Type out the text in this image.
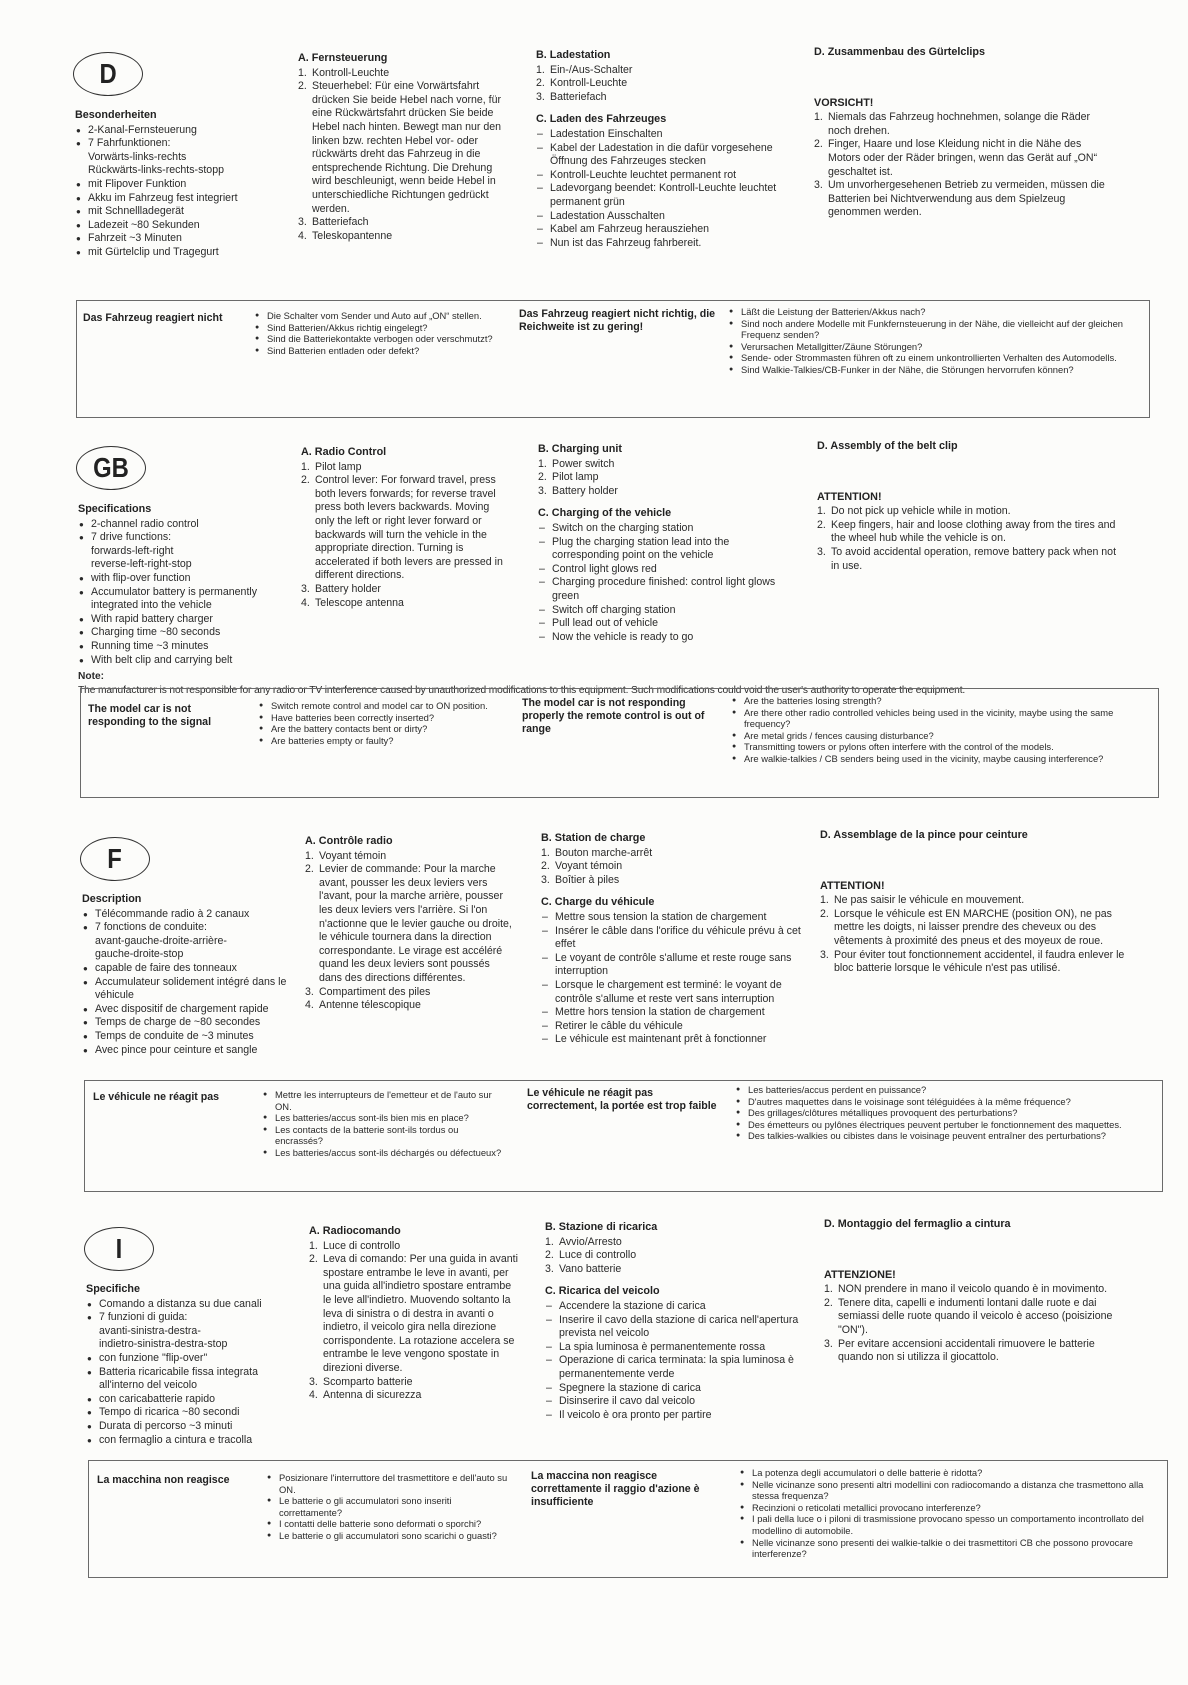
D
Besonderheiten
● 2-Kanal-Fernsteuerung
● 7 Fahrfunktionen:
Vorwärts-links-rechts
Rückwärts-links-rechts-stopp
● mit Flipover Funktion
● Akku im Fahrzeug fest integriert
● mit Schnellladegerät
● Ladezeit ~80 Sekunden
● Fahrzeit ~3 Minuten
● mit Gürtelclip und Tragegurt
A. Fernsteuerung
1. Kontroll-Leuchte
2. Steuerhebel: Für eine Vorwärtsfahrt drücken Sie beide Hebel nach vorne, für eine Rückwärtsfahrt drücken Sie beide Hebel nach hinten. Bewegt man nur den linken bzw. rechten Hebel vor- oder rückwärts dreht das Fahrzeug in die entsprechende Richtung. Die Drehung wird beschleunigt, wenn beide Hebel in unterschiedliche Richtungen gedrückt werden.
3. Batteriefach
4. Teleskopantenne
B. Ladestation
1. Ein-/Aus-Schalter
2. Kontroll-Leuchte
3. Batteriefach
C. Laden des Fahrzeuges
– Ladestation Einschalten
– Kabel der Ladestation in die dafür vorgesehene Öffnung des Fahrzeuges stecken
– Kontroll-Leuchte leuchtet permanent rot
– Ladevorgang beendet: Kontroll-Leuchte leuchtet permanent grün
– Ladestation Ausschalten
– Kabel am Fahrzeug herausziehen
– Nun ist das Fahrzeug fahrbereit.
D. Zusammenbau des Gürtelclips
VORSICHT!
1. Niemals das Fahrzeug hochnehmen, solange die Räder noch drehen.
2. Finger, Haare und lose Kleidung nicht in die Nähe des Motors oder der Räder bringen, wenn das Gerät auf „ON“ geschaltet ist.
3. Um unvorhergesehenen Betrieb zu vermeiden, müssen die Batterien bei Nichtverwendung aus dem Spielzeug genommen werden.
Das Fahrzeug reagiert nicht	● Die Schalter vom Sender und Auto auf „ON“ stellen.
● Sind Batterien/Akkus richtig eingelegt?
● Sind die Batteriekontakte verbogen oder verschmutzt?
● Sind Batterien entladen oder defekt?
Das Fahrzeug reagiert nicht richtig, die Reichweite ist zu gering!
● Läßt die Leistung der Batterien/Akkus nach?
● Sind noch andere Modelle mit Funkfernsteuerung in der Nähe, die vielleicht auf der gleichen Frequenz senden?
● Verursachen Metallgitter/Zäune Störungen?
● Sende- oder Strommasten führen oft zu einem unkontrollierten Verhalten des Automodells.
● Sind Walkie-Talkies/CB-Funker in der Nähe, die Störungen hervorrufen können?
GB
Specifications
● 2-channel radio control
● 7 drive functions:
forwards-left-right
reverse-left-right-stop
● with flip-over function
● Accumulator battery is permanently integrated into the vehicle
● With rapid battery charger
● Charging time ~80 seconds
● Running time ~3 minutes
● With belt clip and carrying belt
A. Radio Control
1. Pilot lamp
2. Control lever: For forward travel, press both levers forwards; for reverse travel press both levers backwards. Moving only the left or right lever forward or backwards will turn the vehicle in the appropriate direction. Turning is accelerated if both levers are pressed in different directions.
3. Battery holder
4. Telescope antenna
B. Charging unit
1. Power switch
2. Pilot lamp
3. Battery holder
C. Charging of the vehicle
– Switch on the charging station
– Plug the charging station lead into the corresponding point on the vehicle
– Control light glows red
– Charging procedure finished: control light glows green
– Switch off charging station
– Pull lead out of vehicle
– Now the vehicle is ready to go
D. Assembly of the belt clip
ATTENTION!
1. Do not pick up vehicle while in motion.
2. Keep fingers, hair and loose clothing away from the tires and the wheel hub while the vehicle is on.
3. To avoid accidental operation, remove battery pack when not in use.
Note:
The manufacturer is not responsible for any radio or TV interference caused by unauthorized modifications to this equipment. Such modifications could void the user's authority to operate the equipment.
The model car is not responding to the signal
● Switch remote control and model car to ON position.
● Have batteries been correctly inserted?
● Are the battery contacts bent or dirty?
● Are batteries empty or faulty?
The model car is not responding properly the remote control is out of range
● Are the batteries losing strength?
● Are there other radio controlled vehicles being used in the vicinity, maybe using the same frequency?
● Are metal grids / fences causing disturbance?
● Transmitting towers or pylons often interfere with the control of the models.
● Are walkie-talkies / CB senders being used in the vicinity, maybe causing interference?
F
Description
● Télécommande radio à 2 canaux
● 7 fonctions de conduite:
avant-gauche-droite-arrière-
gauche-droite-stop
● capable de faire des tonneaux
● Accumulateur solidement intégré dans le véhicule
● Avec dispositif de chargement rapide
● Temps de charge de ~80 secondes
● Temps de conduite de ~3 minutes
● Avec pince pour ceinture et sangle
A. Contrôle radio
1. Voyant témoin
2. Levier de commande: Pour la marche avant, pousser les deux leviers vers l'avant, pour la marche arrière, pousser les deux leviers vers l'arrière. Si l'on n'actionne que le levier gauche ou droite, le véhicule tournera dans la direction correspondante. Le virage est accéléré quand les deux leviers sont poussés dans des directions différentes.
3. Compartiment des piles
4. Antenne télescopique
B. Station de charge
1. Bouton marche-arrêt
2. Voyant témoin
3. Boîtier à piles
C. Charge du véhicule
– Mettre sous tension la station de chargement
– Insérer le câble dans l'orifice du véhicule prévu à cet effet
– Le voyant de contrôle s'allume et reste rouge sans interruption
– Lorsque le chargement est terminé: le voyant de contrôle s'allume et reste vert sans interruption
– Mettre hors tension la station de chargement
– Retirer le câble du véhicule
– Le véhicule est maintenant prêt à fonctionner
D. Assemblage de la pince pour ceinture
ATTENTION!
1. Ne pas saisir le véhicule en mouvement.
2. Lorsque le véhicule est EN MARCHE (position ON), ne pas mettre les doigts, ni laisser prendre des cheveux ou des vêtements à proximité des pneus et des moyeux de roue.
3. Pour éviter tout fonctionnement accidentel, il faudra enlever le bloc batterie lorsque le véhicule n'est pas utilisé.
Le véhicule ne réagit pas	● Mettre les interrupteurs de l'emetteur et de l'auto sur ON.
● Les batteries/accus sont-ils bien mis en place?
● Les contacts de la batterie sont-ils tordus ou encrassés?
● Les batteries/accus sont-ils déchargés ou défectueux?
Le véhicule ne réagit pas correctement, la portée est trop faible
● Les batteries/accus perdent en puissance?
● D'autres maquettes dans le voisinage sont téléguidées à la même fréquence?
● Des grillages/clôtures métalliques provoquent des perturbations?
● Des émetteurs ou pylônes électriques peuvent pertuber le fonctionnement des maquettes.
● Des talkies-walkies ou cibistes dans le voisinage peuvent entraîner des perturbations?
I
Specifiche
● Comando a distanza su due canali
● 7 funzioni di guida:
avanti-sinistra-destra-
indietro-sinistra-destra-stop
● con funzione "flip-over"
● Batteria ricaricabile fissa integrata all'interno del veicolo
● con caricabatterie rapido
● Tempo di ricarica ~80 secondi
● Durata di percorso ~3 minuti
● con fermaglio a cintura e tracolla
A. Radiocomando
1. Luce di controllo
2. Leva di comando: Per una guida in avanti spostare entrambe le leve in avanti, per una guida all'indietro spostare entrambe le leve all'indietro. Muovendo soltanto la leva di sinistra o di destra in avanti o indietro, il veicolo gira nella direzione corrispondente. La rotazione accelera se entrambe le leve vengono spostate in direzioni diverse.
3. Scomparto batterie
4. Antenna di sicurezza
B. Stazione di ricarica
1. Avvio/Arresto
2. Luce di controllo
3. Vano batterie
C. Ricarica del veicolo
– Accendere la stazione di carica
– Inserire il cavo della stazione di carica nell'apertura prevista nel veicolo
– La spia luminosa è permanentemente rossa
– Operazione di carica terminata: la spia luminosa è permanentemente verde
– Spegnere la stazione di carica
– Disinserire il cavo dal veicolo
– Il veicolo è ora pronto per partire
D. Montaggio del fermaglio a cintura
ATTENZIONE!
1. NON prendere in mano il veicolo quando è in movimento.
2. Tenere dita, capelli e indumenti lontani dalle ruote e dai semiassi delle ruote quando il veicolo è acceso (poisizione "ON").
3. Per evitare accensioni accidentali rimuovere le batterie quando non si utilizza il giocattolo.
La macchina non reagisce	● Posizionare l'interruttore del trasmettitore e dell'auto su ON.
● Le batterie o gli accumulatori sono inseriti correttamente?
● I contatti delle batterie sono deformati o sporchi?
● Le batterie o gli accumulatori sono scarichi o guasti?
La maccina non reagisce correttamente il raggio d'azione è insufficiente
● La potenza degli accumulatori o delle batterie è ridotta?
● Nelle vicinanze sono presenti altri modellini con radiocomando a distanza che trasmettono alla stessa frequenza?
● Recinzioni o reticolati metallici provocano interferenze?
● I pali della luce o i piloni di trasmissione provocano spesso un comportamento incontrollato del modellino di automobile.
● Nelle vicinanze sono presenti dei walkie-talkie o dei trasmettitori CB che possono provocare interferenze?
